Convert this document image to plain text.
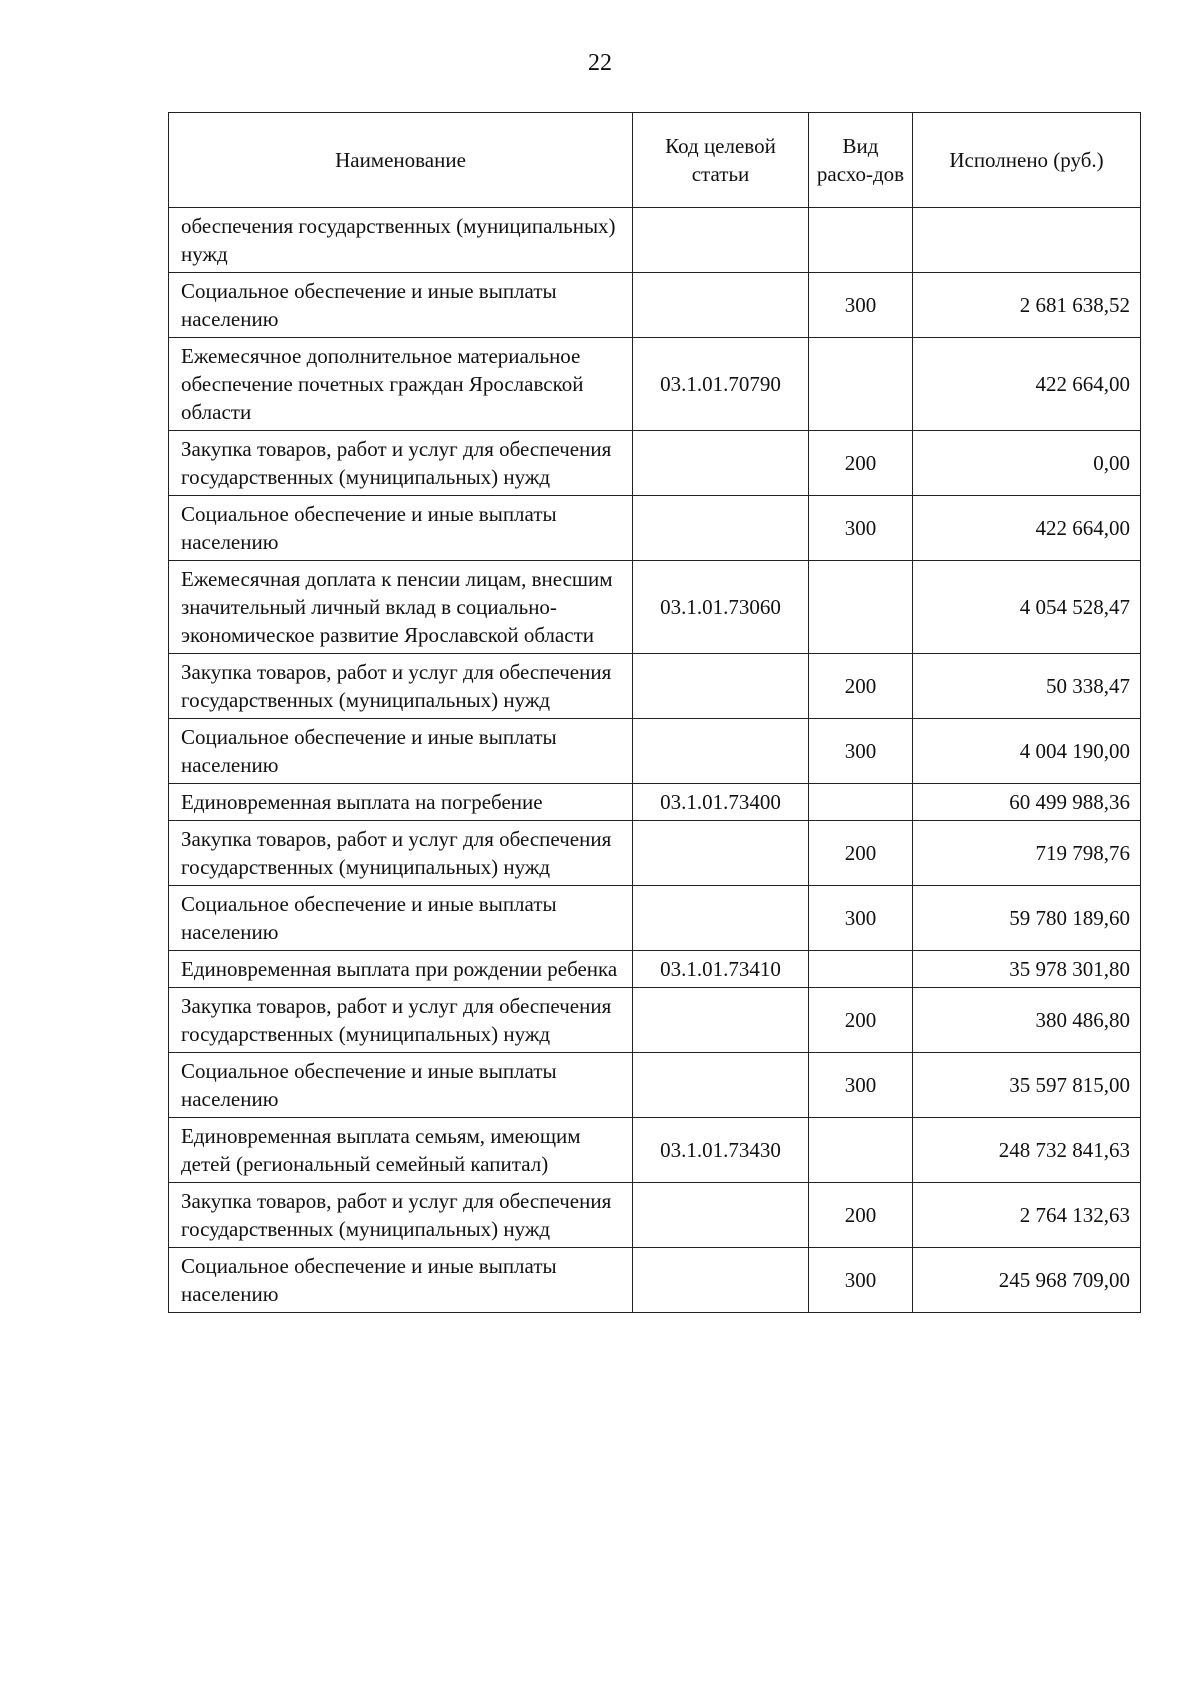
22
Наименование	Код целевой статьи	Вид расхо-дов	Исполнено (руб.)
обеспечения государственных (муниципальных) нужд			
Социальное обеспечение и иные выплаты населению		300	2 681 638,52
Ежемесячное дополнительное материальное обеспечение почетных граждан Ярославской области	03.1.01.70790		422 664,00
Закупка товаров, работ и услуг для обеспечения государственных (муниципальных) нужд		200	0,00
Социальное обеспечение и иные выплаты населению		300	422 664,00
Ежемесячная доплата к пенсии лицам, внесшим значительный личный вклад в социально-экономическое развитие Ярославской области	03.1.01.73060		4 054 528,47
Закупка товаров, работ и услуг для обеспечения государственных (муниципальных) нужд		200	50 338,47
Социальное обеспечение и иные выплаты населению		300	4 004 190,00
Единовременная выплата на погребение	03.1.01.73400		60 499 988,36
Закупка товаров, работ и услуг для обеспечения государственных (муниципальных) нужд		200	719 798,76
Социальное обеспечение и иные выплаты населению		300	59 780 189,60
Единовременная выплата при рождении ребенка	03.1.01.73410		35 978 301,80
Закупка товаров, работ и услуг для обеспечения государственных (муниципальных) нужд		200	380 486,80
Социальное обеспечение и иные выплаты населению		300	35 597 815,00
Единовременная выплата семьям, имеющим детей (региональный семейный капитал)	03.1.01.73430		248 732 841,63
Закупка товаров, работ и услуг для обеспечения государственных (муниципальных) нужд		200	2 764 132,63
Социальное обеспечение и иные выплаты населению		300	245 968 709,00
